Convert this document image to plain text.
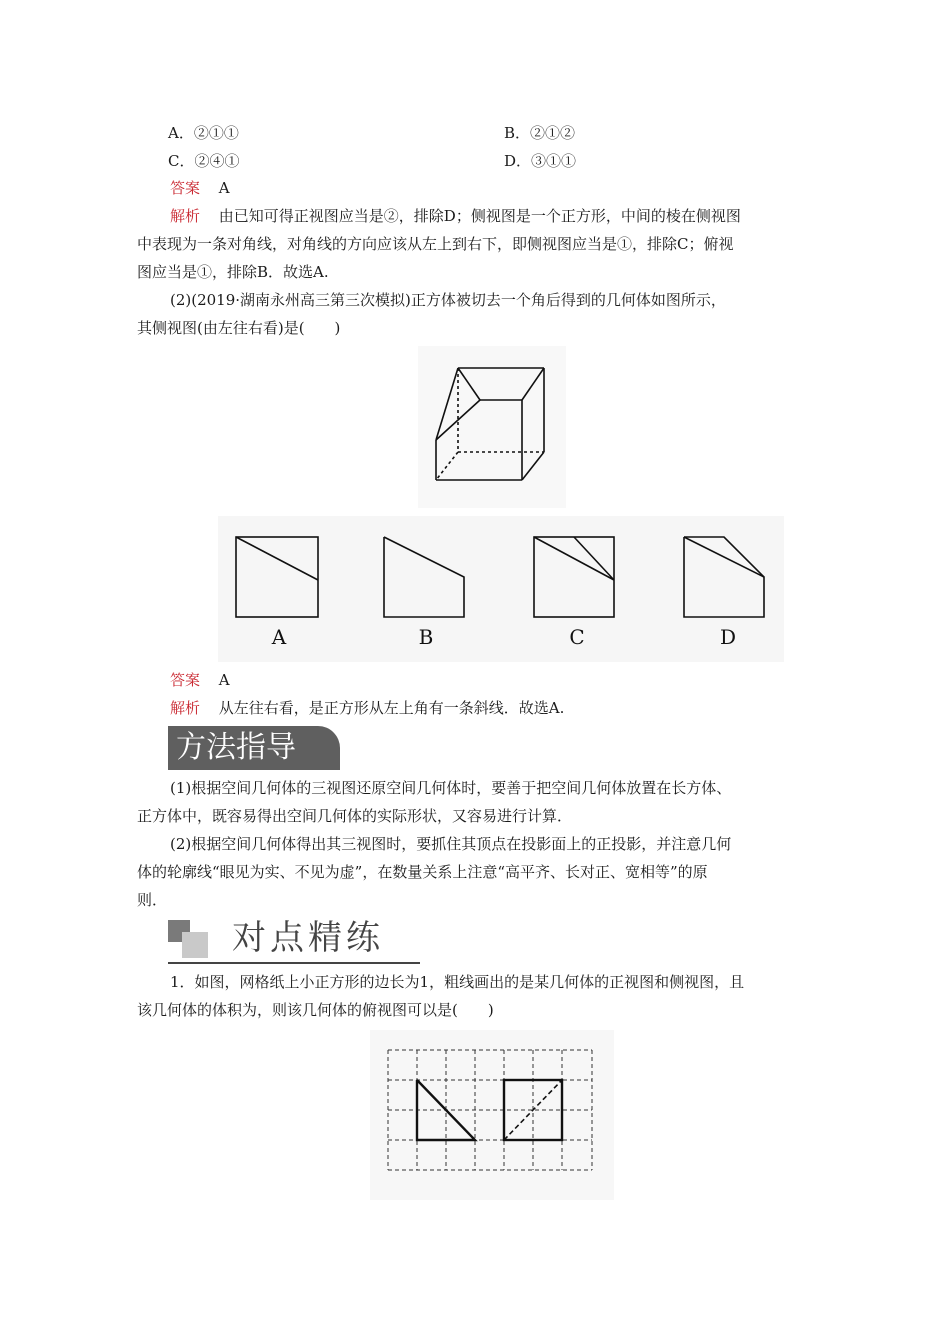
A．②①①	B．②①②
C．②④①	D．③①①
答案 A
解析 由已知可得正视图应当是②，排除D；侧视图是一个正方形，中间的棱在侧视图
中表现为一条对角线，对角线的方向应该从左上到右下，即侧视图应当是①，排除C；俯视
图应当是①，排除B．故选A.
(2)(2019·湖南永州高三第三次模拟)正方体被切去一个角后得到的几何体如图所示，
其侧视图(由左往右看)是(　　)
A	B	C	D
答案 A
解析 从左往右看，是正方形从左上角有一条斜线．故选A.
方法指导
(1)根据空间几何体的三视图还原空间几何体时，要善于把空间几何体放置在长方体、
正方体中，既容易得出空间几何体的实际形状，又容易进行计算．
(2)根据空间几何体得出其三视图时，要抓住其顶点在投影面上的正投影，并注意几何
体的轮廓线“眼见为实、不见为虚”，在数量关系上注意“高平齐、长对正、宽相等”的原
则．
对点精练
1．如图，网格纸上小正方形的边长为1，粗线画出的是某几何体的正视图和侧视图，且
该几何体的体积为，则该几何体的俯视图可以是(　　)
